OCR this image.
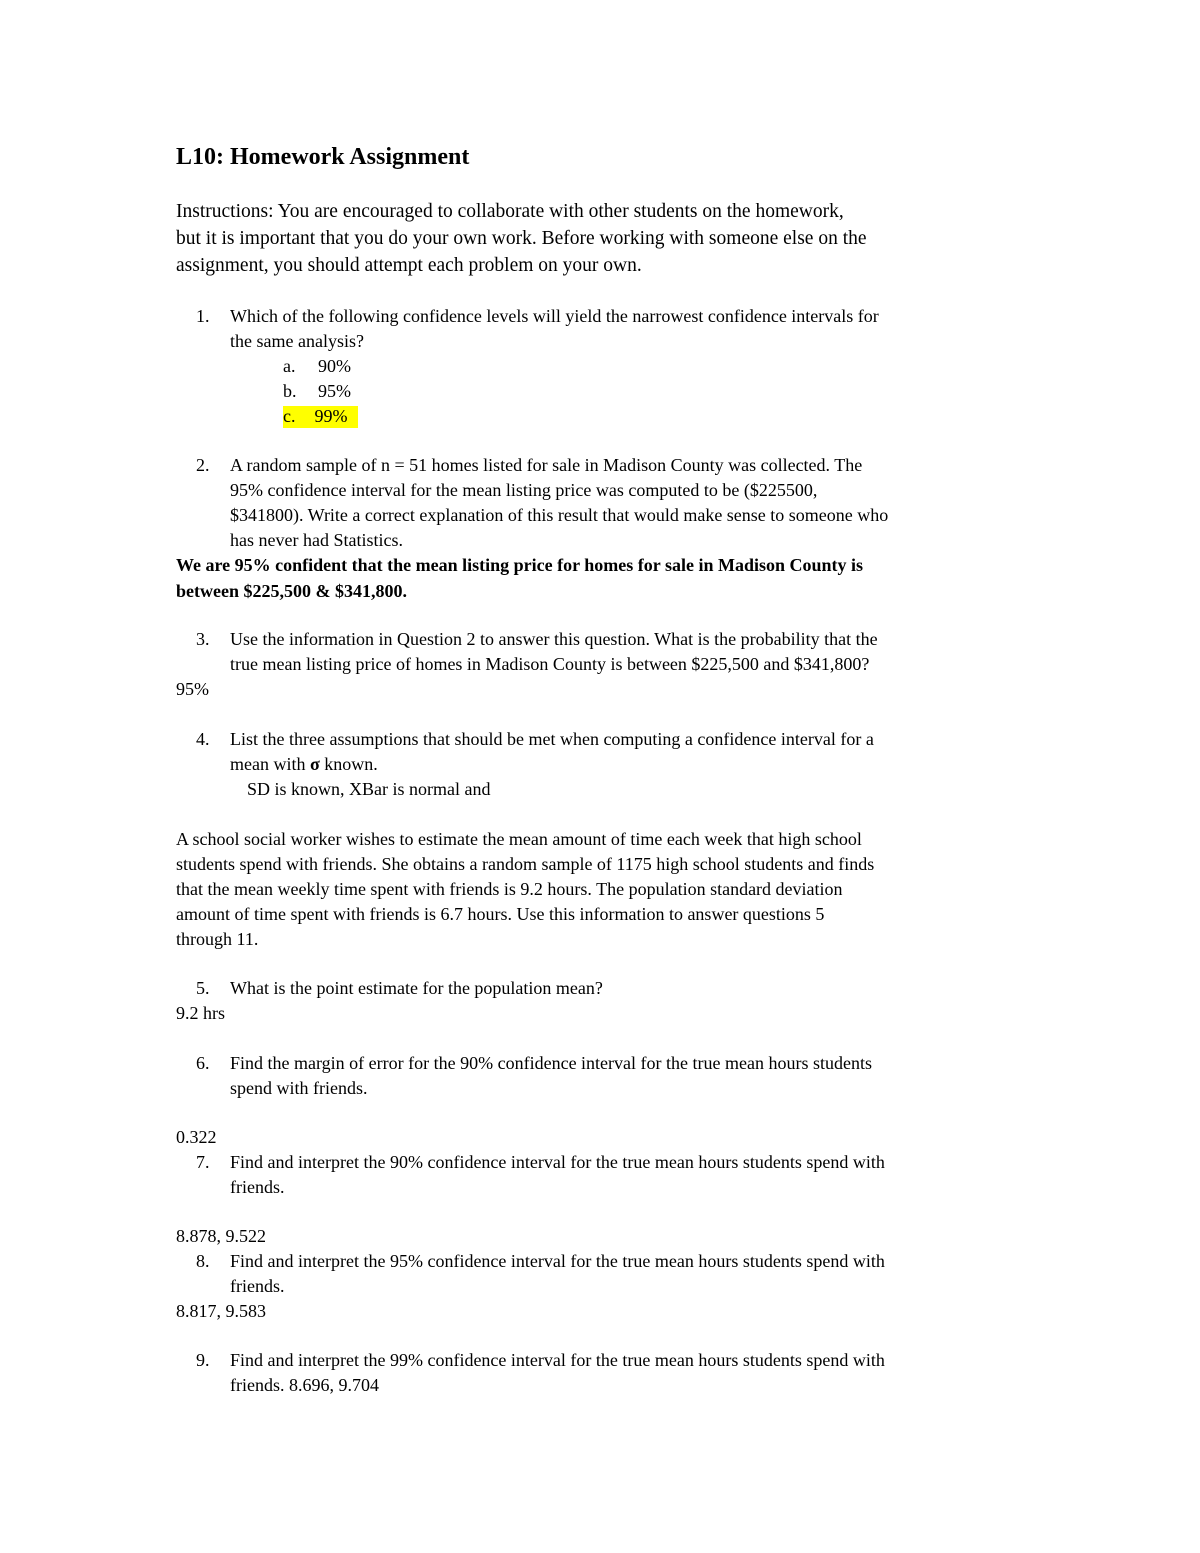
L10: Homework Assignment
Instructions: You are encouraged to collaborate with other students on the homework,
but it is important that you do your own work. Before working with someone else on the
assignment, you should attempt each problem on your own.
1. Which of the following confidence levels will yield the narrowest confidence intervals for
the same analysis?
a. 90%
b. 95%
c. 99%
2. A random sample of n = 51 homes listed for sale in Madison County was collected. The
95% confidence interval for the mean listing price was computed to be ($225500,
$341800). Write a correct explanation of this result that would make sense to someone who
has never had Statistics.
We are 95% confident that the mean listing price for homes for sale in Madison County is
between $225,500 & $341,800.
3. Use the information in Question 2 to answer this question. What is the probability that the
true mean listing price of homes in Madison County is between $225,500 and $341,800?
95%
4. List the three assumptions that should be met when computing a confidence interval for a
mean with σ known.
SD is known, XBar is normal and
A school social worker wishes to estimate the mean amount of time each week that high school
students spend with friends. She obtains a random sample of 1175 high school students and finds
that the mean weekly time spent with friends is 9.2 hours. The population standard deviation
amount of time spent with friends is 6.7 hours. Use this information to answer questions 5
through 11.
5. What is the point estimate for the population mean?
9.2 hrs
6. Find the margin of error for the 90% confidence interval for the true mean hours students
spend with friends.
0.322
7. Find and interpret the 90% confidence interval for the true mean hours students spend with
friends.
8.878, 9.522
8. Find and interpret the 95% confidence interval for the true mean hours students spend with
friends.
8.817, 9.583
9. Find and interpret the 99% confidence interval for the true mean hours students spend with
friends. 8.696, 9.704
